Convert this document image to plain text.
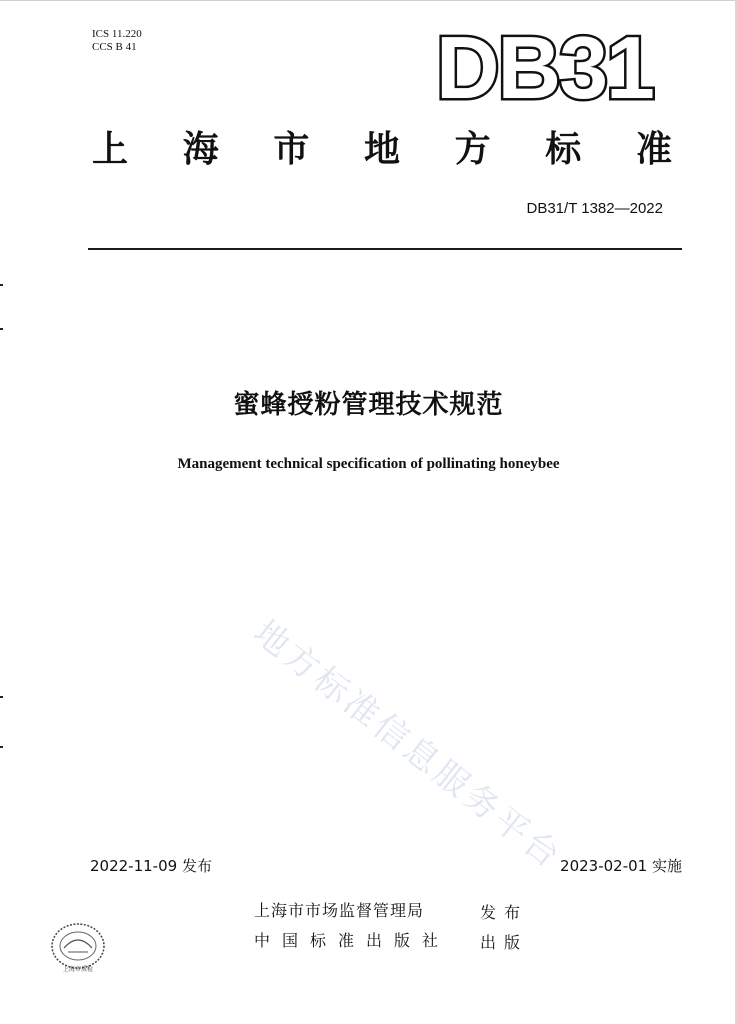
ICS 11.220
CCS B 41	DB31
上 海 市 地 方 标 准
DB31/T 1382—2022
蜜蜂授粉管理技术规范
Management technical specification of pollinating honeybee
地方标准信息服务平台
2022-11-09 发布	2023-02-01 实施
上海市市场监督管理局	发布
中国标准出版社 出版
上海市质检
